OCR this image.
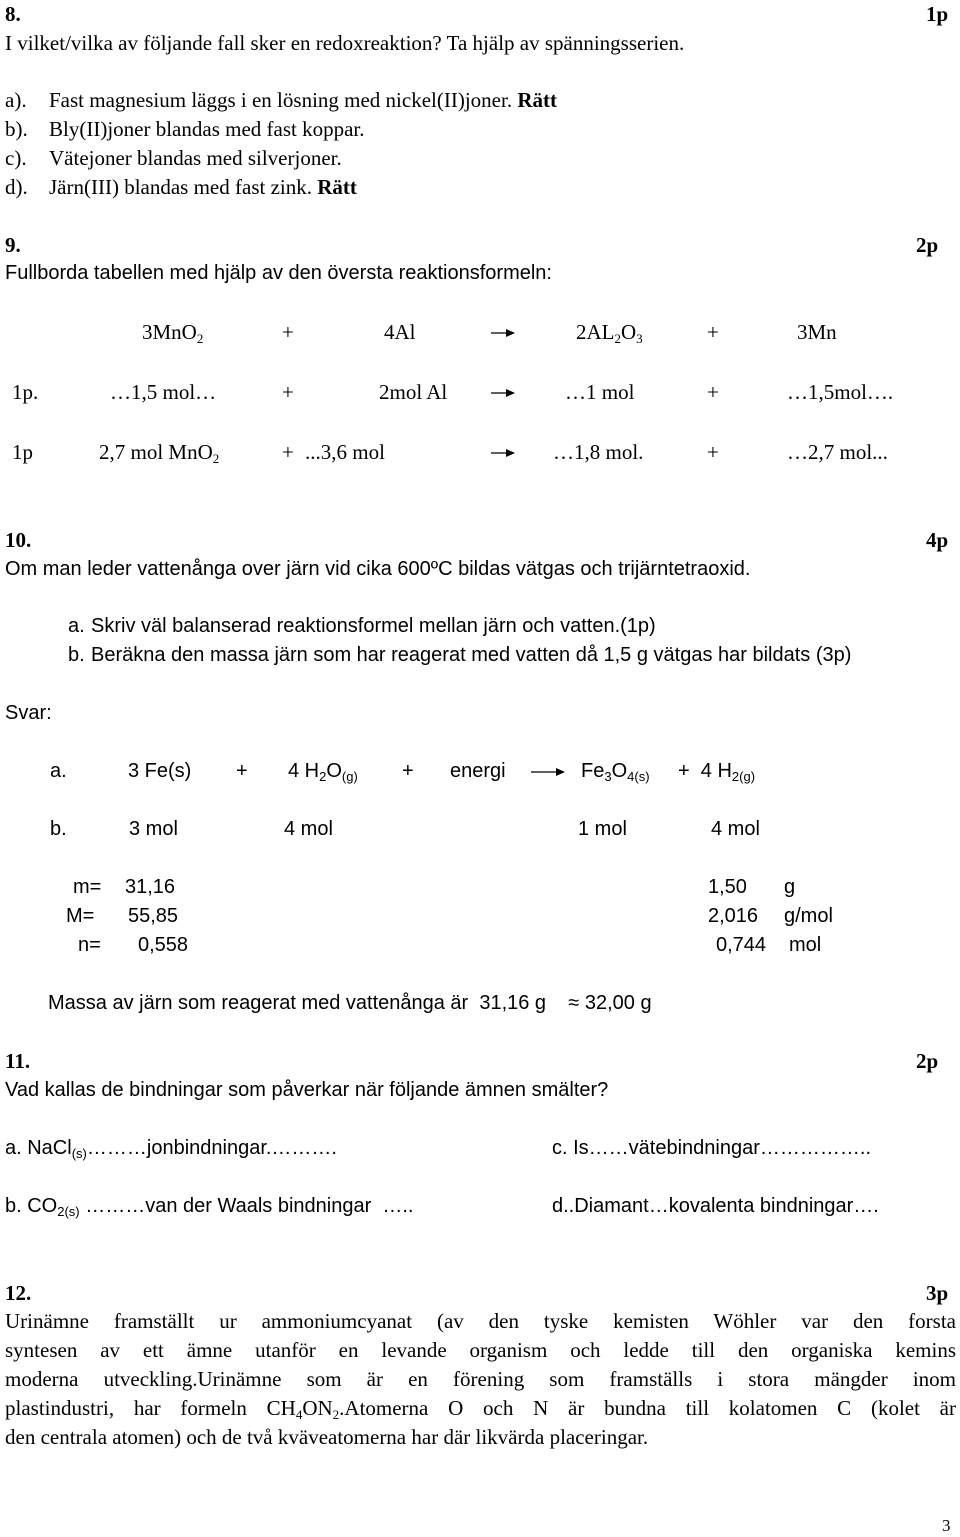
8.	1p
I vilket/vilka av följande fall sker en redoxreaktion? Ta hjälp av spänningsserien.
a). Fast magnesium läggs i en lösning med nickel(II)joner. Rätt
b). Bly(II)joner blandas med fast koppar.
c). Vätejoner blandas med silverjoner.
d). Järn(III) blandas med fast zink. Rätt
9.	2p
Fullborda tabellen med hjälp av den översta reaktionsformeln:
3MnO$_2$	+	4Al	$2AL_2O_3$	+	3Mn
1p.	…1,5 mol…	+	2mol Al	…1 mol	+	…1,5mol….
1p	2,7 mol MnO$_2$	+ ...3,6 mol	…1,8 mol.	+	…2,7 mol...
10.	4p
Om man leder vattenånga over järn vid cika 600ºC bildas vätgas och trijärntetraoxid.
a. Skriv väl balanserad reaktionsformel mellan järn och vatten.(1p)
b. Beräkna den massa järn som har reagerat med vatten då 1,5 g vätgas har bildats (3p)
Svar:
a.	3 Fe(s) + 4 $H_2O_{(g)}$ + energi	$Fe_3O_{4(s)} + 4$ $H_{2(g)}$
b.	3 mol	4 mol	1 mol	4 mol
m= 31,16	1,50 g
M= 55,85	2,016 g/mol
n= 0,558	0,744 mol
Massa av järn som reagerat med vattenånga är  31,16 g ≈ 32,00 g
11.	2p
Vad kallas de bindningar som påverkar när följande ämnen smälter?
a. NaCl$_{(s)}$………jonbindningar.……….	c. Is……vätebindningar……………..
b. $CO_{2(s)}$ ………van der Waals bindningar  …..	d..Diamant…kovalenta bindningar….
12.	3p
Urinämne framställt ur ammoniumcyanat (av den tyske kemisten Wöhler var den forsta
syntesen av ett ämne utanför en levande organism och ledde till den organiska kemins
moderna utveckling.Urinämne som är en förening som framställs i stora mängder inom
plastindustri, har formeln $CH_4ON_2.Atomerna$ O och N är bundna till kolatomen C (kolet är
den centrala atomen) och de två kväveatomerna har där likvärda placeringar.
3
